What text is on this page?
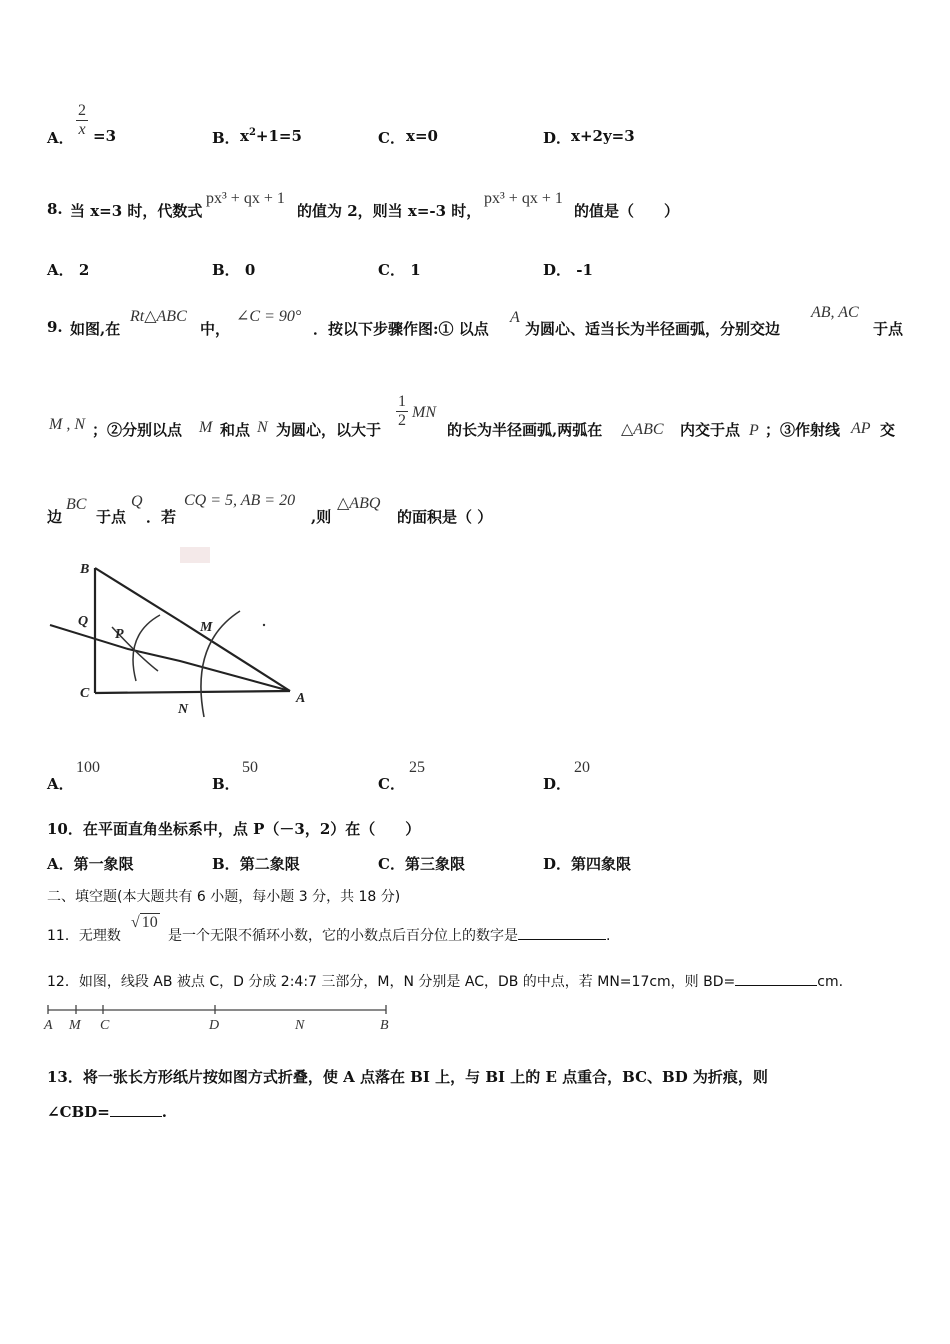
A． $\frac{2}{x} =3$	B． $x^2+1=5$	C． x=0	D． x+2y=3
8. 当 x=3 时，代数式
px³ + qx + 1
的值为 2，则当 x=-3 时，
px³ + qx + 1
的值是（　　）
A． 2	B． 0	C． 1	D． -1
9. 如图,在
Rt△ABC
中，
∠C = 90°
．按以下步骤作图:① 以点
A
为圆心、适当长为半径画弧，分别交边
AB, AC
于点
M , N ；②分别以点 M 和点 N 为圆心，以大于 $\frac{1}{2}$ MN
的长为半径画弧,两弧在 △ABC 内交于点 P ；③作射线 AP 交
边
BC
于点
Q
．若
CQ = 5, AB = 20
,则
△ABQ
的面积是（ ）
B
Q
P	M
C
N
A
A．
100
B．
50
C．
25
D．
20
10．在平面直角坐标系中，点 P（－3，2）在（　　）
A．第一象限	B．第二象限	C．第三象限	D．第四象限
二、填空题(本大题共有 6 小题，每小题 3 分，共 18 分)
11．无理数
√ 10
是一个无限不循环小数，它的小数点后百分位上的数字是	.
12．如图，线段 AB 被点 C，D 分成 2:4:7 三部分，M，N 分别是 AC，DB 的中点，若 MN=17cm，则 BD=	cm.
A M C	D	N	B
13．将一张长方形纸片按如图方式折叠，使 A 点落在 BI 上，与 BI 上的 E 点重合，BC、BD 为折痕，则
∠CBD=	.
